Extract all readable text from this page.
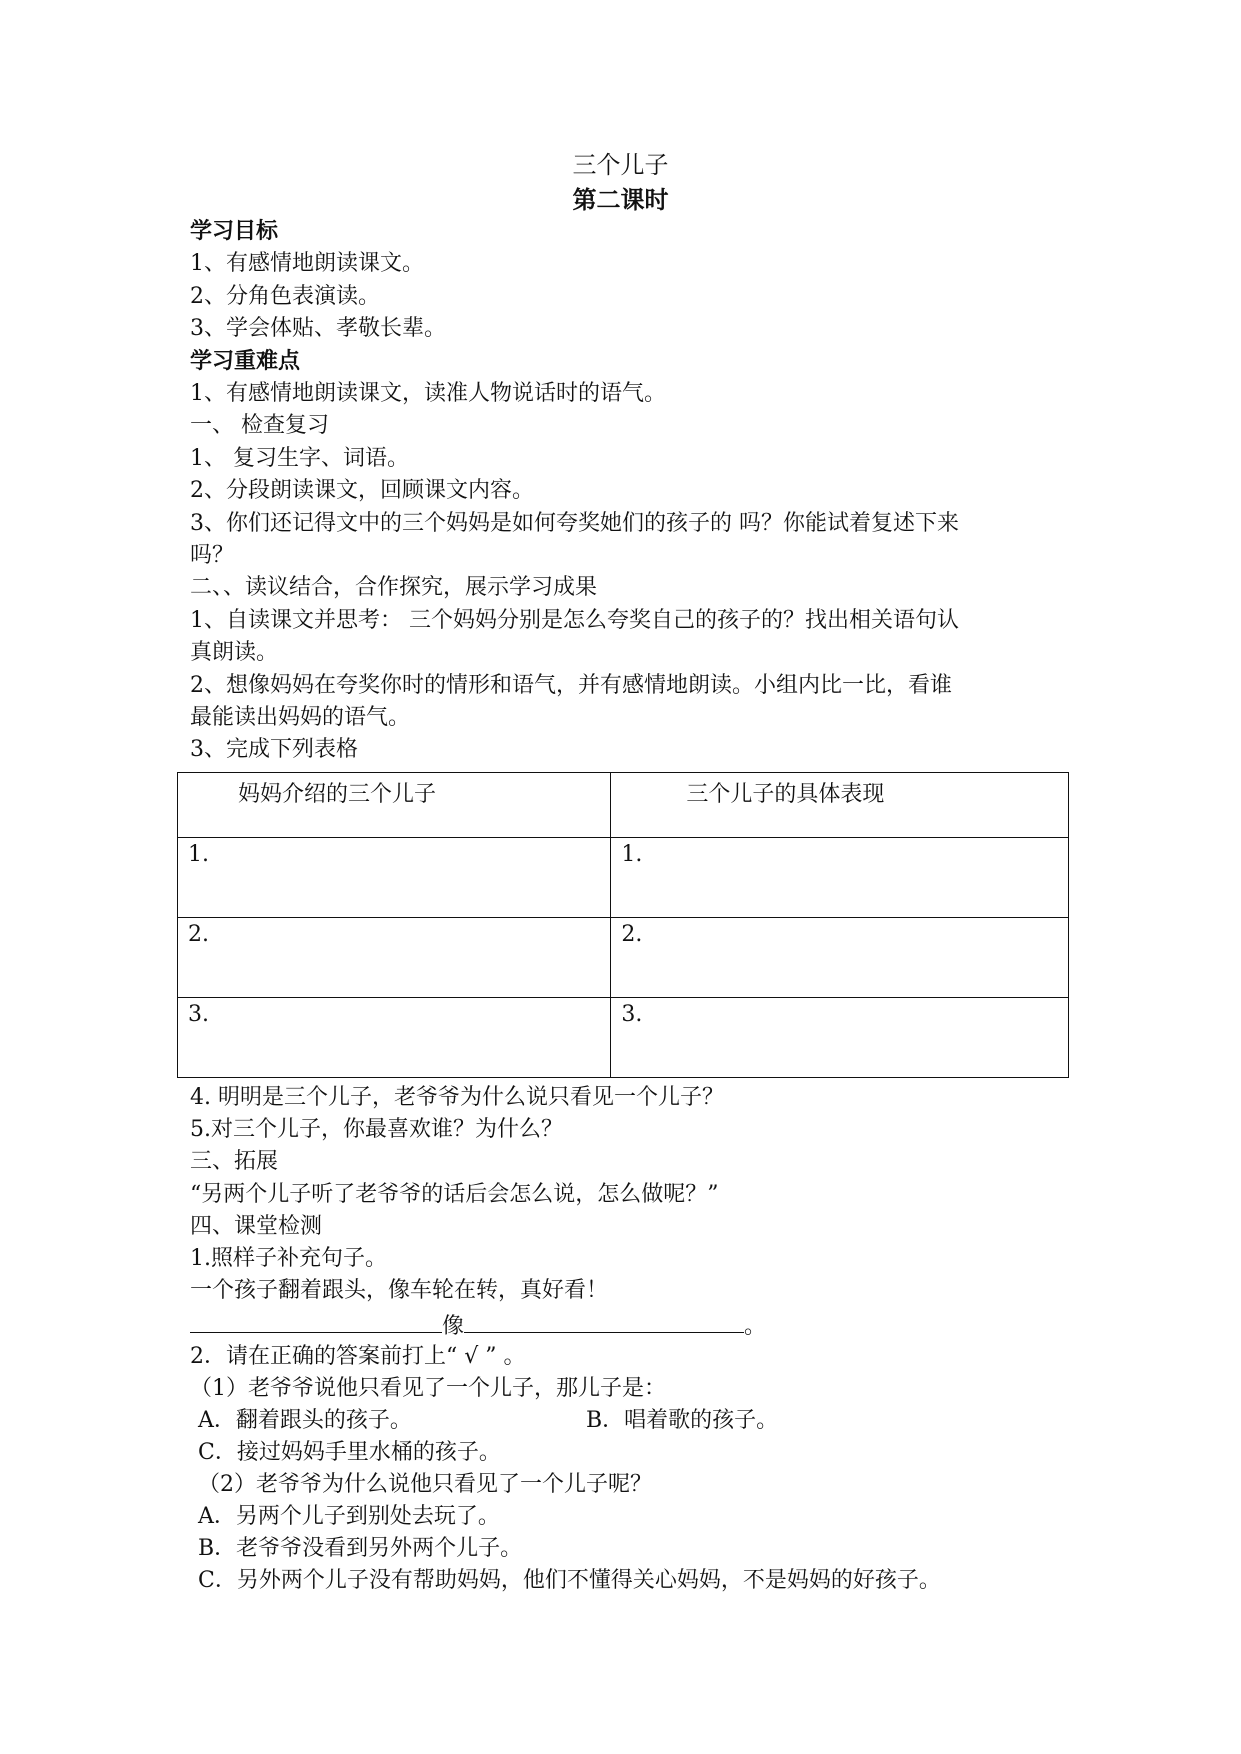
三个儿子
第二课时
学习目标
1、有感情地朗读课文。
2、分角色表演读。
3、学会体贴、孝敬长辈。
学习重难点
1、有感情地朗读课文，读准人物说话时的语气。
一、 检查复习
1、 复习生字、词语。
2、分段朗读课文，回顾课文内容。
3、你们还记得文中的三个妈妈是如何夸奖她们的孩子的 吗？你能试着复述下来
吗？
二、、读议结合，合作探究，展示学习成果
1、自读课文并思考： 三个妈妈分别是怎么夸奖自己的孩子的？找出相关语句认
真朗读。
2、想像妈妈在夸奖你时的情形和语气，并有感情地朗读。小组内比一比，看谁
最能读出妈妈的语气。
3、完成下列表格
妈妈介绍的三个儿子	三个儿子的具体表现
1.	1.
2.	2.
3.	3.
4. 明明是三个儿子，老爷爷为什么说只看见一个儿子？
5.对三个儿子，你最喜欢谁？为什么？
三、拓展
“另两个儿子听了老爷爷的话后会怎么说，怎么做呢？”
四、课堂检测
1.照样子补充句子。
一个孩子翻着跟头，像车轮在转，真好看！
像	。
2．请在正确的答案前打上“ √ ” 。
（1）老爷爷说他只看见了一个儿子，那儿子是：
A．翻着跟头的孩子。	B．唱着歌的孩子。
C．接过妈妈手里水桶的孩子。
（2）老爷爷为什么说他只看见了一个儿子呢？
A．另两个儿子到别处去玩了。
B．老爷爷没看到另外两个儿子。
C．另外两个儿子没有帮助妈妈，他们不懂得关心妈妈，不是妈妈的好孩子。
